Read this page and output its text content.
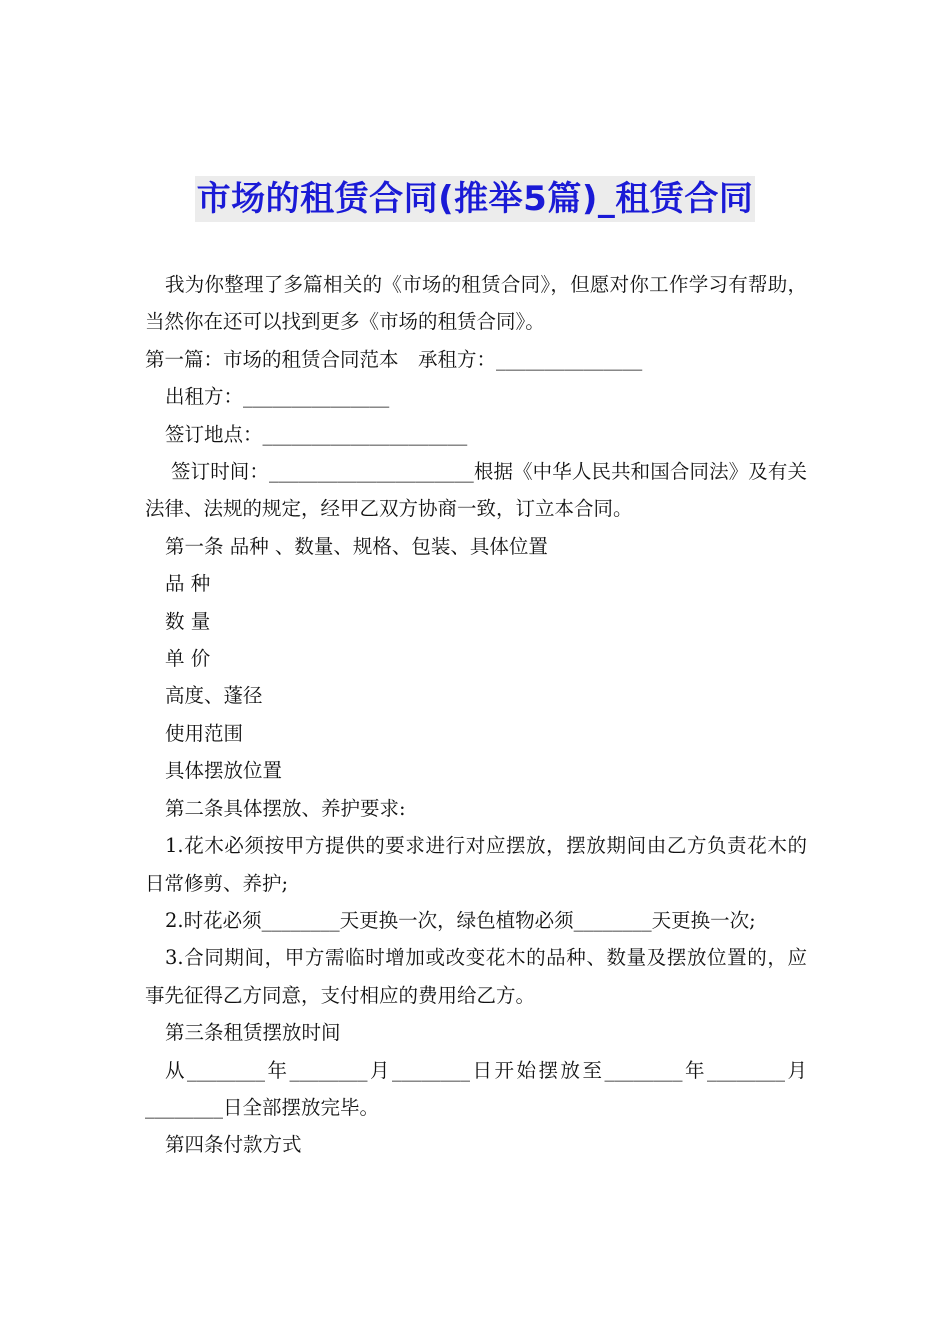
市场的租赁合同(推举5篇)_租赁合同

我为你整理了多篇相关的《市场的租赁合同》，但愿对你工作学习有帮助，当然你在还可以找到更多《市场的租赁合同》。

第一篇：市场的租赁合同范本　承租方：_______________

出租方：_______________

签订地点：_____________________

签订时间：_____________________根据《中华人民共和国合同法》及有关法律、法规的规定，经甲乙双方协商一致，订立本合同。

第一条 品种 、数量、规格、包装、具体位置

品 种

数 量

单 价

高度、蓬径

使用范围

具体摆放位置

第二条具体摆放、养护要求:

1.花木必须按甲方提供的要求进行对应摆放，摆放期间由乙方负责花木的日常修剪、养护;

2.时花必须________天更换一次，绿色植物必须________天更换一次;

3.合同期间，甲方需临时增加或改变花木的品种、数量及摆放位置的，应事先征得乙方同意，支付相应的费用给乙方。

第三条租赁摆放时间

从________年________月________日开始摆放至________年________月________日全部摆放完毕。

第四条付款方式
